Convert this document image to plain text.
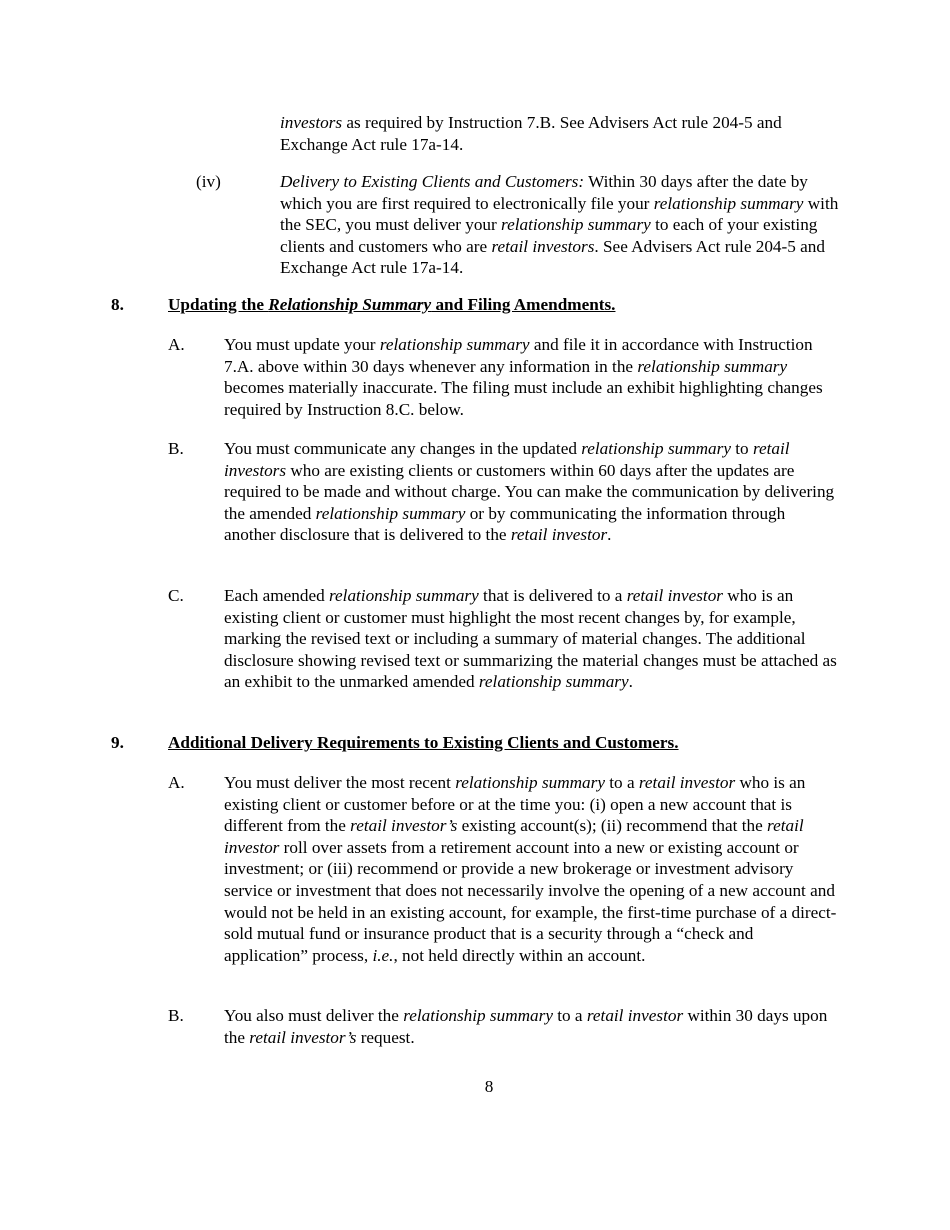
investors as required by Instruction 7.B. See Advisers Act rule 204-5 and Exchange Act rule 17a-14.

(iv)	Delivery to Existing Clients and Customers: Within 30 days after the date by which you are first required to electronically file your relationship summary with the SEC, you must deliver your relationship summary to each of your existing clients and customers who are retail investors. See Advisers Act rule 204-5 and Exchange Act rule 17a-14.

8.	Updating the Relationship Summary and Filing Amendments.
A. You must update your relationship summary and file it in accordance with Instruction 7.A. above within 30 days whenever any information in the relationship summary becomes materially inaccurate. The filing must include an exhibit highlighting changes required by Instruction 8.C. below.

B. You must communicate any changes in the updated relationship summary to retail investors who are existing clients or customers within 60 days after the updates are required to be made and without charge. You can make the communication by delivering the amended relationship summary or by communicating the information through another disclosure that is delivered to the retail investor.

C. Each amended relationship summary that is delivered to a retail investor who is an existing client or customer must highlight the most recent changes by, for example, marking the revised text or including a summary of material changes. The additional disclosure showing revised text or summarizing the material changes must be attached as an exhibit to the unmarked amended relationship summary.

9.	Additional Delivery Requirements to Existing Clients and Customers.
A. You must deliver the most recent relationship summary to a retail investor who is an existing client or customer before or at the time you: (i) open a new account that is different from the retail investor’s existing account(s); (ii) recommend that the retail investor roll over assets from a retirement account into a new or existing account or investment; or (iii) recommend or provide a new brokerage or investment advisory service or investment that does not necessarily involve the opening of a new account and would not be held in an existing account, for example, the first-time purchase of a direct-sold mutual fund or insurance product that is a security through a “check and application” process, i.e., not held directly within an account.

B. You also must deliver the relationship summary to a retail investor within 30 days upon the retail investor’s request.

8
